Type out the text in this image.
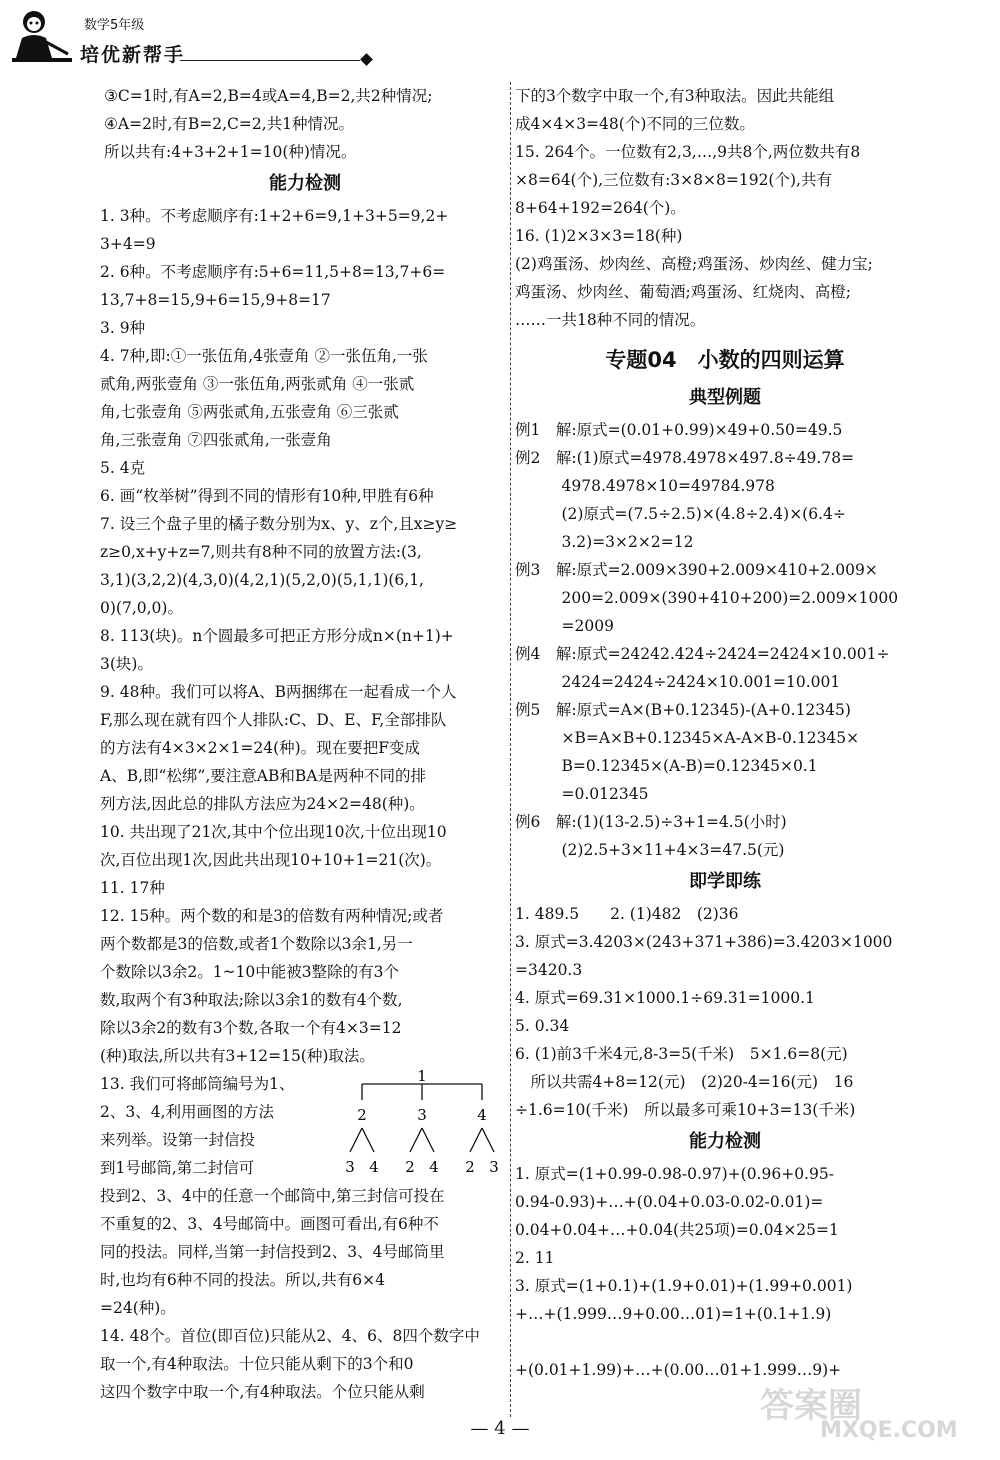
数学5年级
培优新帮手
③C=1时,有A=2,B=4或A=4,B=2,共2种情况;
④A=2时,有B=2,C=2,共1种情况。
所以共有:4+3+2+1=10(种)情况。
能力检测
1. 3种。不考虑顺序有:1+2+6=9,1+3+5=9,2+
3+4=9
2. 6种。不考虑顺序有:5+6=11,5+8=13,7+6=
13,7+8=15,9+6=15,9+8=17
3. 9种
4. 7种,即:①一张伍角,4张壹角 ②一张伍角,一张
贰角,两张壹角 ③一张伍角,两张贰角 ④一张贰
角,七张壹角 ⑤两张贰角,五张壹角 ⑥三张贰
角,三张壹角 ⑦四张贰角,一张壹角
5. 4克
6. 画“枚举树”得到不同的情形有10种,甲胜有6种
7. 设三个盘子里的橘子数分别为x、y、z个,且x≥y≥
z≥0,x+y+z=7,则共有8种不同的放置方法:(3,
3,1)(3,2,2)(4,3,0)(4,2,1)(5,2,0)(5,1,1)(6,1,
0)(7,0,0)。
8. 113(块)。n个圆最多可把正方形分成n×(n+1)+
3(块)。
9. 48种。我们可以将A、B两捆绑在一起看成一个人
F,那么现在就有四个人排队:C、D、E、F,全部排队
的方法有4×3×2×1=24(种)。现在要把F变成
A、B,即“松绑”,要注意AB和BA是两种不同的排
列方法,因此总的排队方法应为24×2=48(种)。
10. 共出现了21次,其中个位出现10次,十位出现10
次,百位出现1次,因此共出现10+10+1=21(次)。
11. 17种
12. 15种。两个数的和是3的倍数有两种情况;或者
两个数都是3的倍数,或者1个数除以3余1,另一
个数除以3余2。1~10中能被3整除的有3个
数,取两个有3种取法;除以3余1的数有4个数,
除以3余2的数有3个数,各取一个有4×3=12
(种)取法,所以共有3+12=15(种)取法。
13. 我们可将邮筒编号为1、
2、3、4,利用画图的方法
来列举。设第一封信投
到1号邮筒,第二封信可
1
2	3	4
3 4 2 4 2 3
投到2、3、4中的任意一个邮筒中,第三封信可投在
不重复的2、3、4号邮筒中。画图可看出,有6种不
同的投法。同样,当第一封信投到2、3、4号邮筒里
时,也均有6种不同的投法。所以,共有6×4
=24(种)。
14. 48个。首位(即百位)只能从2、4、6、8四个数字中
取一个,有4种取法。十位只能从剩下的3个和0
这四个数字中取一个,有4种取法。个位只能从剩
下的3个数字中取一个,有3种取法。因此共能组
成4×4×3=48(个)不同的三位数。
15. 264个。一位数有2,3,…,9共8个,两位数共有8
×8=64(个),三位数有:3×8×8=192(个),共有
8+64+192=264(个)。
16. (1)2×3×3=18(种)
(2)鸡蛋汤、炒肉丝、高橙;鸡蛋汤、炒肉丝、健力宝;
鸡蛋汤、炒肉丝、葡萄酒;鸡蛋汤、红烧肉、高橙;
……一共18种不同的情况。
专题04　小数的四则运算
典型例题
例1　解:原式=(0.01+0.99)×49+0.50=49.5
例2　解:(1)原式=4978.4978×497.8÷49.78=
　　　4978.4978×10=49784.978
　　　(2)原式=(7.5÷2.5)×(4.8÷2.4)×(6.4÷
　　　3.2)=3×2×2=12
例3　解:原式=2.009×390+2.009×410+2.009×
　　　200=2.009×(390+410+200)=2.009×1000
　　　=2009
例4　解:原式=24242.424÷2424=2424×10.001÷
　　　2424=2424÷2424×10.001=10.001
例5　解:原式=A×(B+0.12345)-(A+0.12345)
　　　×B=A×B+0.12345×A-A×B-0.12345×
　　　B=0.12345×(A-B)=0.12345×0.1
　　　=0.012345
例6　解:(1)(13-2.5)÷3+1=4.5(小时)
　　　(2)2.5+3×11+4×3=47.5(元)
即学即练
1. 489.5　　2. (1)482　(2)36
3. 原式=3.4203×(243+371+386)=3.4203×1000
=3420.3
4. 原式=69.31×1000.1÷69.31=1000.1
5. 0.34
6. (1)前3千米4元,8-3=5(千米)　5×1.6=8(元)
　所以共需4+8=12(元)　(2)20-4=16(元)　16
÷1.6=10(千米)　所以最多可乘10+3=13(千米)
能力检测
1. 原式=(1+0.99-0.98-0.97)+(0.96+0.95-
0.94-0.93)+…+(0.04+0.03-0.02-0.01)=
0.04+0.04+…+0.04(共25项)=0.04×25=1
2. 11
3. 原式=(1+0.1)+(1.9+0.01)+(1.99+0.001)
+…+(1.999…9+0.00…01)=1+(0.1+1.9)
+(0.01+1.99)+…+(0.00…01+1.999…9)+
— 4 —
答案圈
MXQE.COM
